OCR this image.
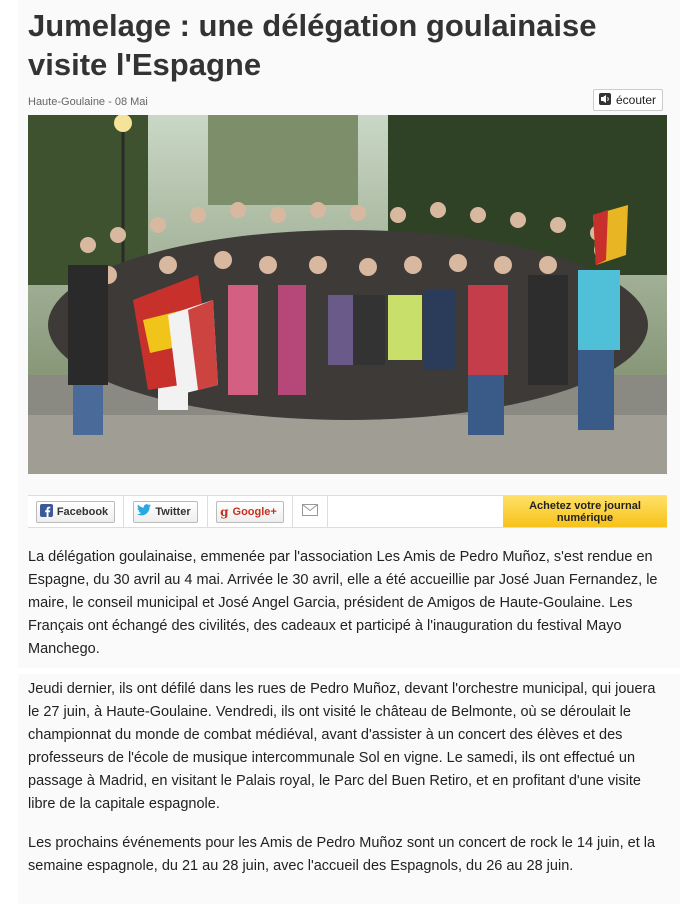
Jumelage : une délégation goulainaise visite l'Espagne
Haute-Goulaine - 08 Mai	écouter
Facebook	Twitter g Google+	Achetez votre journal numérique

La délégation goulainaise, emmenée par l'association Les Amis de Pedro Muñoz, s'est rendue en Espagne, du 30 avril au 4 mai. Arrivée le 30 avril, elle a été accueillie par José Juan Fernandez, le maire, le conseil municipal et José Angel Garcia, président de Amigos de Haute-Goulaine. Les Français ont échangé des civilités, des cadeaux et participé à l'inauguration du festival Mayo Manchego.

Jeudi dernier, ils ont défilé dans les rues de Pedro Muñoz, devant l'orchestre municipal, qui jouera le 27 juin, à Haute-Goulaine. Vendredi, ils ont visité le château de Belmonte, où se déroulait le championnat du monde de combat médiéval, avant d'assister à un concert des élèves et des professeurs de l'école de musique intercommunale Sol en vigne. Le samedi, ils ont effectué un passage à Madrid, en visitant le Palais royal, le Parc del Buen Retiro, et en profitant d'une visite libre de la capitale espagnole.

Les prochains événements pour les Amis de Pedro Muñoz sont un concert de rock le 14 juin, et la semaine espagnole, du 21 au 28 juin, avec l'accueil des Espagnols, du 26 au 28 juin.
